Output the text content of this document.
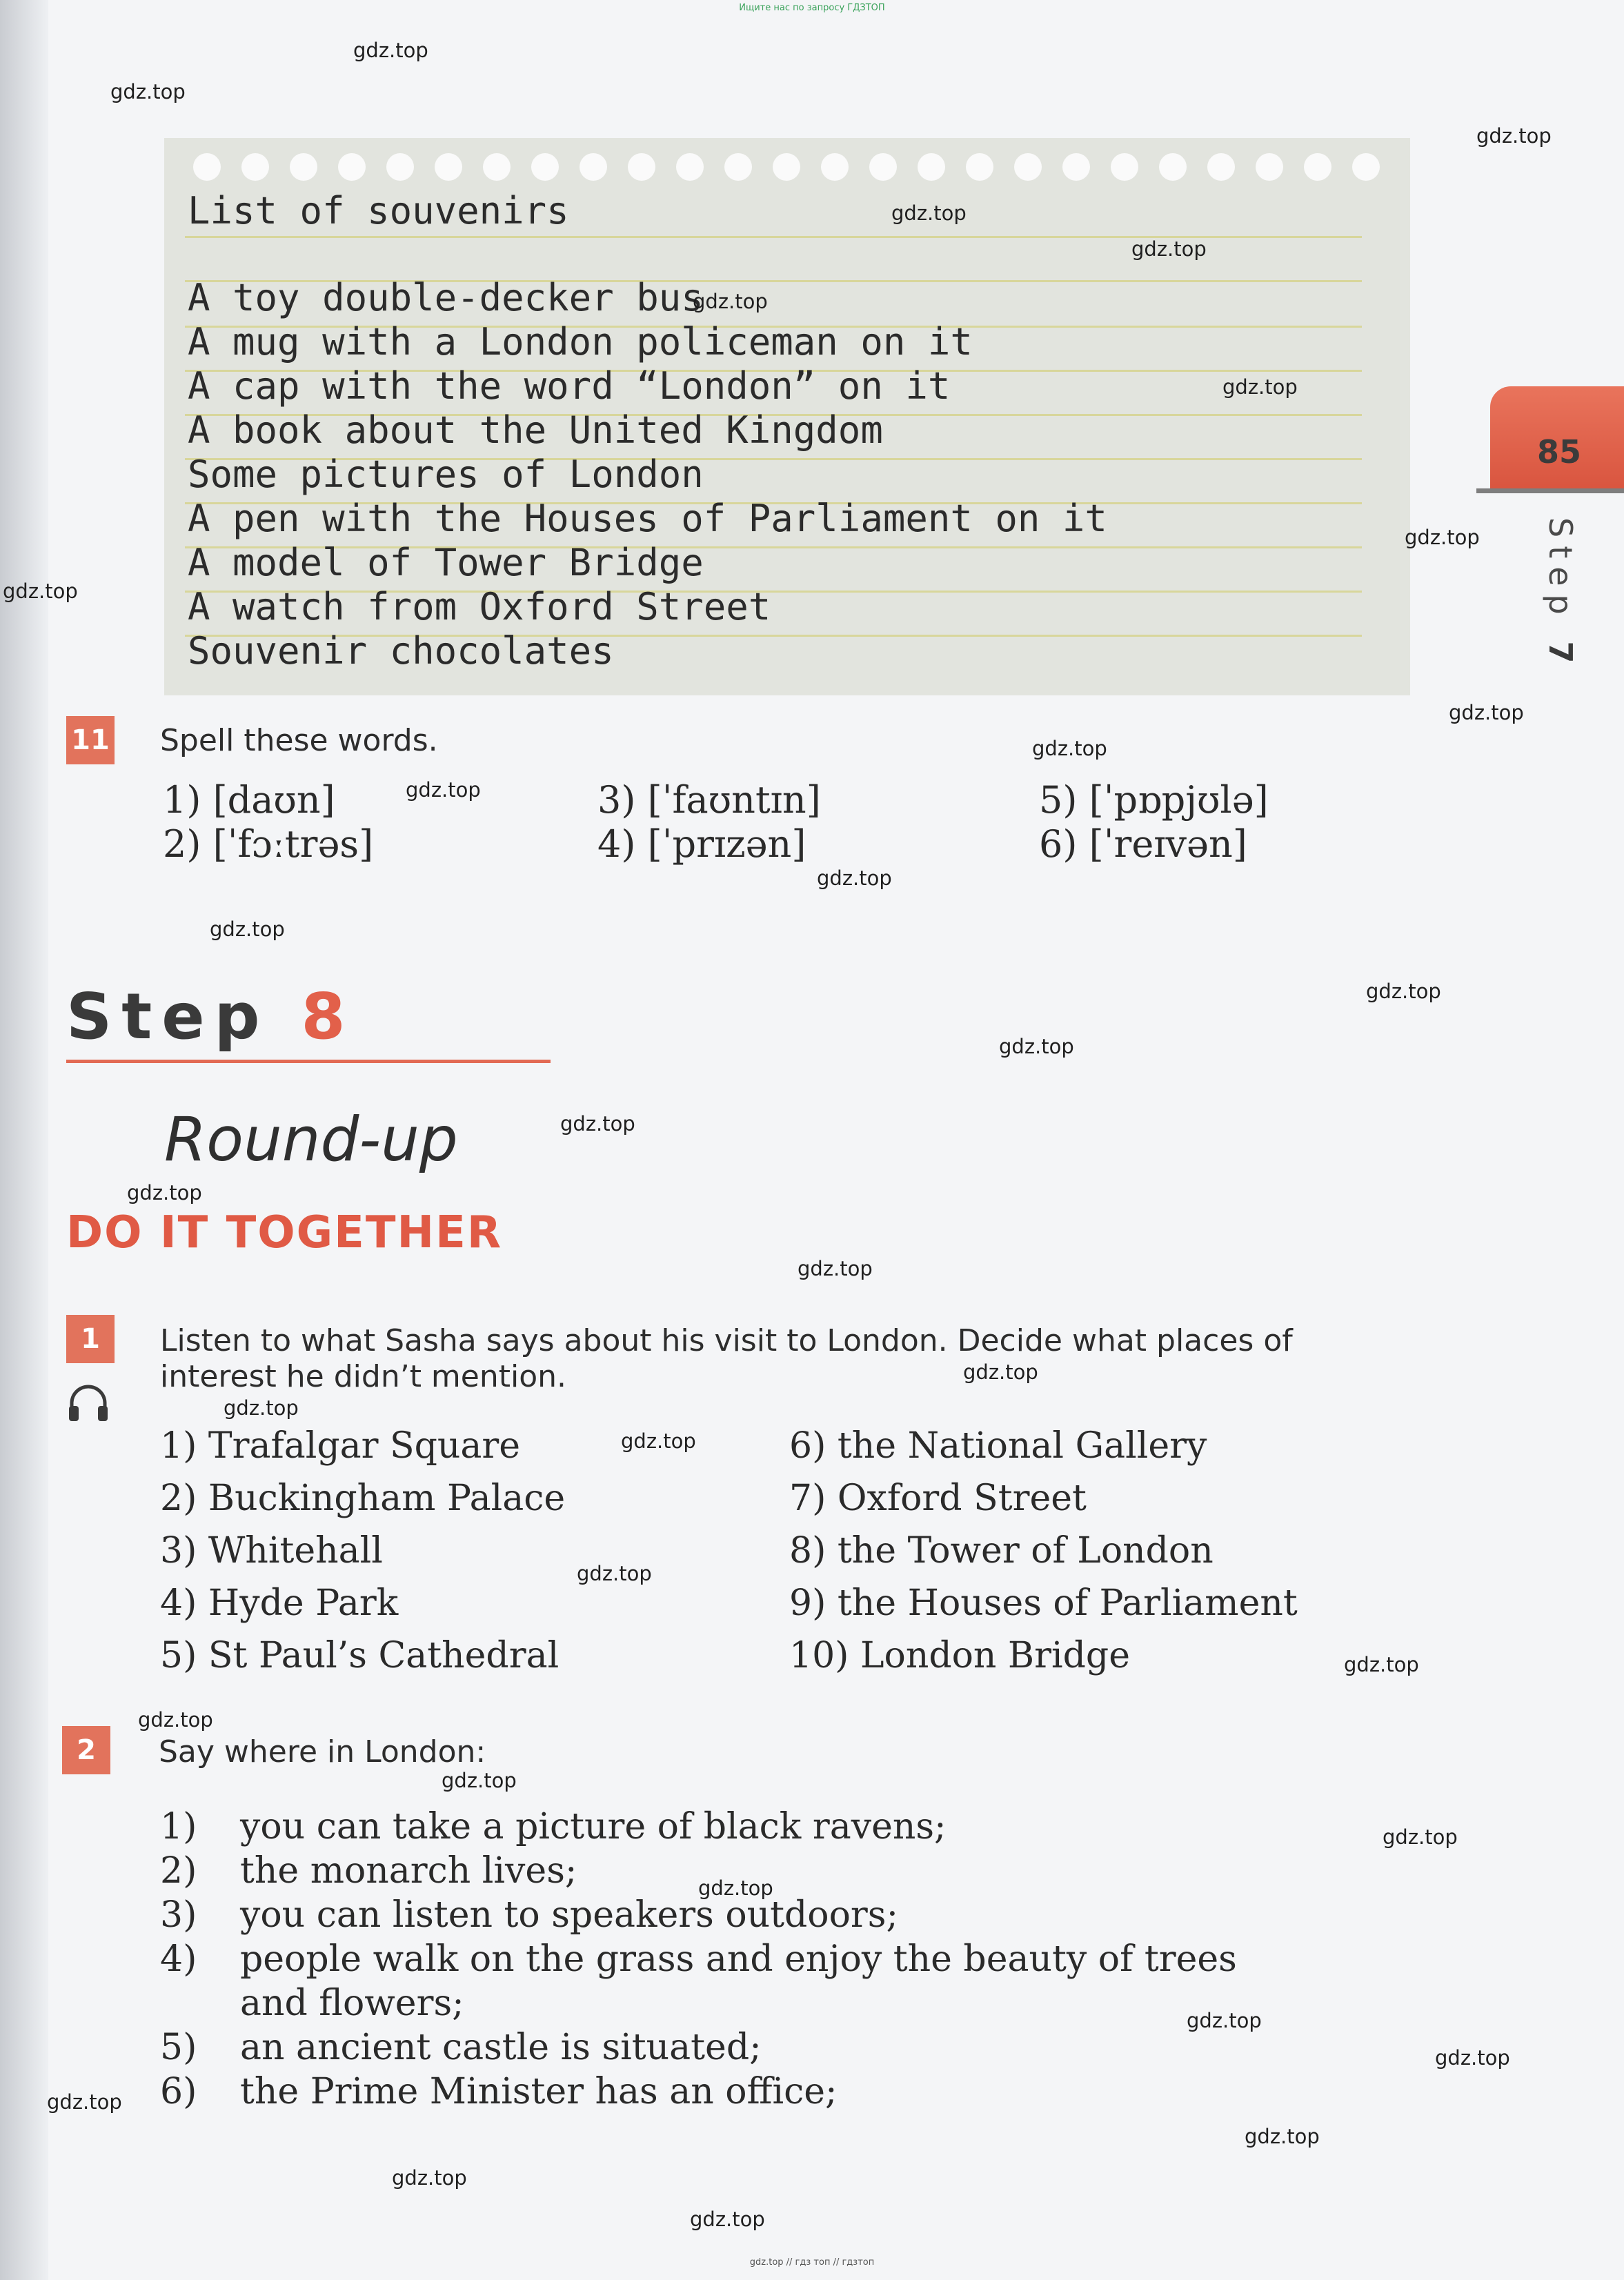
Ищите нас по запросу ГДЗТОП
85
Step 7
List of souvenirs
A toy double-decker bus
A mug with a London policeman on it
A cap with the word “London” on it
A book about the United Kingdom
Some pictures of London
A pen with the Houses of Parliament on it
A model of Tower Bridge
A watch from Oxford Street
Souvenir chocolates
11 Spell these words.
1) [daʊn]
2) [ˈfɔːtrəs]
3) [ˈfaʊntɪn]
4) [ˈprɪzən]
5) [ˈpɒpjʊlə]
6) [ˈreɪvən]
Step 8
Round-up
DO IT TOGETHER
1	Listen to what Sasha says about his visit to London. Decide what places of
interest he didn’t mention.
1) Trafalgar Square
2) Buckingham Palace
3) Whitehall
4) Hyde Park
5) St Paul’s Cathedral
6) the National Gallery
7) Oxford Street
8) the Tower of London
9) the Houses of Parliament
10) London Bridge
2	Say where in London:
1) you can take a picture of black ravens;
2) the monarch lives;
3) you can listen to speakers outdoors;
4) people walk on the grass and enjoy the beauty of trees
and flowers;
5) an ancient castle is situated;
6) the Prime Minister has an office;
gdz.top
gdz.top
gdz.top
gdz.top
gdz.top
gdz.top
gdz.top
gdz.top
gdz.top
gdz.top
gdz.top
gdz.top
gdz.top
gdz.top
gdz.top
gdz.top
gdz.top
gdz.top
gdz.top
gdz.top
gdz.top
gdz.top
gdz.top
gdz.top
gdz.top
gdz.top
gdz.top
gdz.top
gdz.top
gdz.top
gdz.top
gdz.top
gdz.top
gdz.top
gdz.top // гдз топ // гдзтоп
